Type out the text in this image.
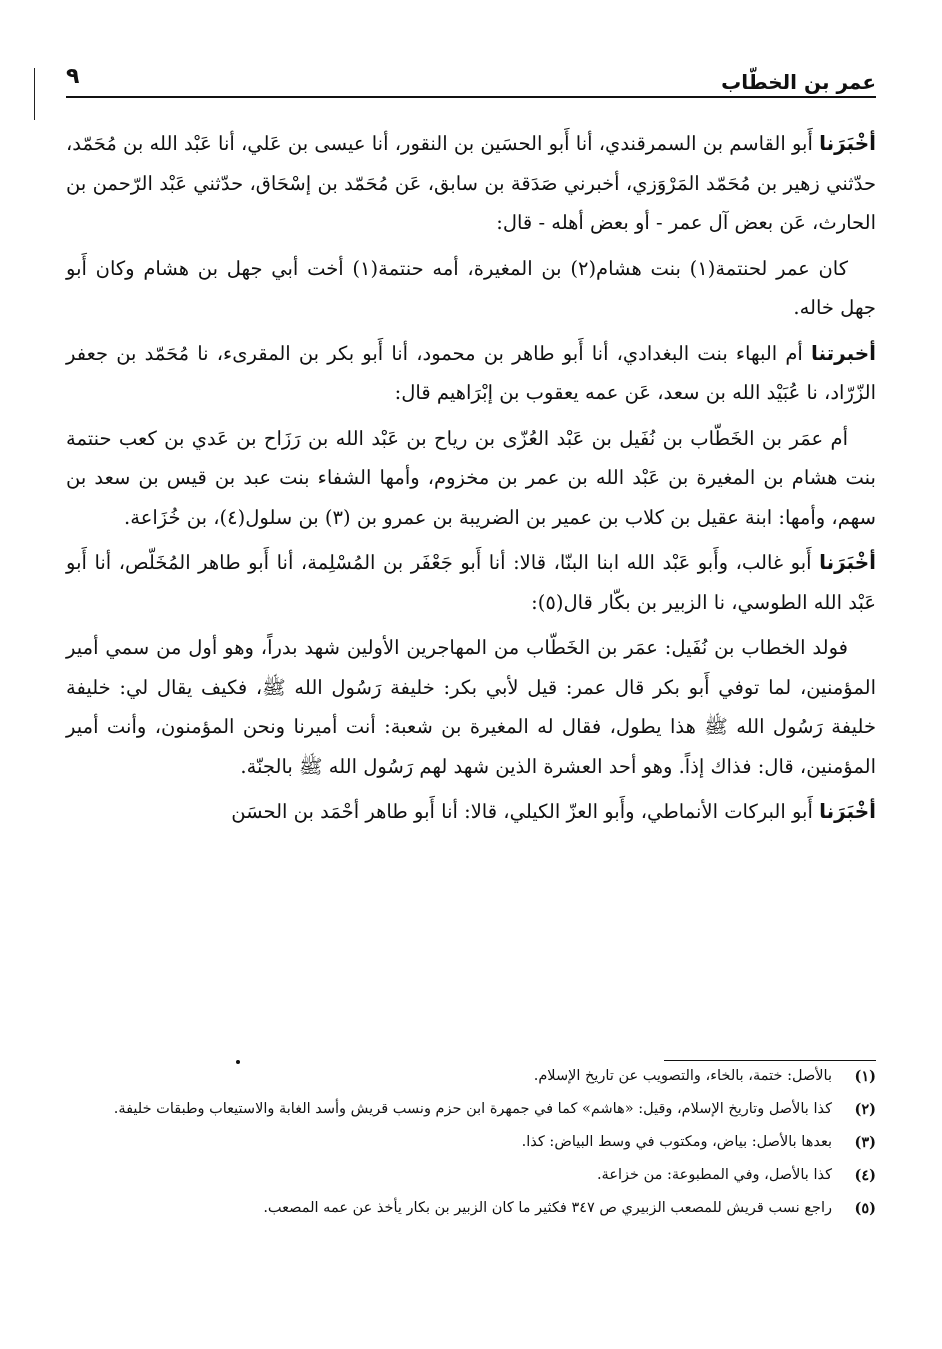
عمر بن الخطّاب
٩

أخْبَرَنا أَبو القاسم بن السمرقندي، أنا أَبو الحسَين بن النقور، أنا عيسى بن عَلي، أنا عَبْد الله بن مُحَمّد، حدّثني زهير بن مُحَمّد المَرْوَزي، أخبرني صَدَقة بن سابق، عَن مُحَمّد بن إسْحَاق، حدّثني عَبْد الرّحمن بن الحارث، عَن بعض آل عمر - أو بعض أهله - قال:

كان عمر لحنتمة(١) بنت هشام(٢) بن المغيرة، أمه حنتمة(١) أخت أبي جهل بن هشام وكان أَبو جهل خاله.

أخبرتنا أم البهاء بنت البغدادي، أنا أَبو طاهر بن محمود، أنا أَبو بكر بن المقرىء، نا مُحَمّد بن جعفر الزّرّاد، نا عُبَيْد الله بن سعد، عَن عمه يعقوب بن إبْرَاهيم قال:

أم عمَر بن الخَطّاب بن نُفَيل بن عَبْد العُزّى بن رياح بن عَبْد الله بن رَزَاح بن عَدي بن كعب حنتمة بنت هشام بن المغيرة بن عَبْد الله بن عمر بن مخزوم، وأمها الشفاء بنت عبد بن قيس بن سعد بن سهم، وأمها: ابنة عقيل بن كلاب بن عمير بن الضريبة بن عمرو بن (٣) بن سلول(٤)، بن خُزَاعة.

أخْبَرَنا أَبو غالب، وأَبو عَبْد الله ابنا البنّا، قالا: أنا أَبو جَعْفَر بن المُسْلِمة، أنا أَبو طاهر المُخَلّص، أنا أَبو عَبْد الله الطوسي، نا الزبير بن بكّار قال(٥):

فولد الخطاب بن نُفَيل: عمَر بن الخَطّاب من المهاجرين الأولين شهد بدراً، وهو أول من سمي أمير المؤمنين، لما توفي أَبو بكر قال عمر: قيل لأبي بكر: خليفة رَسُول الله ﷺ، فكيف يقال لي: خليفة خليفة رَسُول الله ﷺ هذا يطول، فقال له المغيرة بن شعبة: أنت أميرنا ونحن المؤمنون، وأنت أمير المؤمنين، قال: فذاك إذاً. وهو أحد العشرة الذين شهد لهم رَسُول الله ﷺ بالجنّة.

أخْبَرَنا أَبو البركات الأنماطي، وأَبو العزّ الكيلي، قالا: أنا أَبو طاهر أحْمَد بن الحسَن

(١)
بالأصل: ختمة، بالخاء، والتصويب عن تاريخ الإسلام.
(٢)
كذا بالأصل وتاريخ الإسلام، وقيل: «هاشم» كما في جمهرة ابن حزم ونسب قريش وأسد الغابة والاستيعاب وطبقات خليفة.
(٣)
بعدها بالأصل: بياض، ومكتوب في وسط البياض: كذا.
(٤)
كذا بالأصل، وفي المطبوعة: من خزاعة.
(٥)
راجع نسب قريش للمصعب الزبيري ص ٣٤٧ فكثير ما كان الزبير بن بكار يأخذ عن عمه المصعب.
